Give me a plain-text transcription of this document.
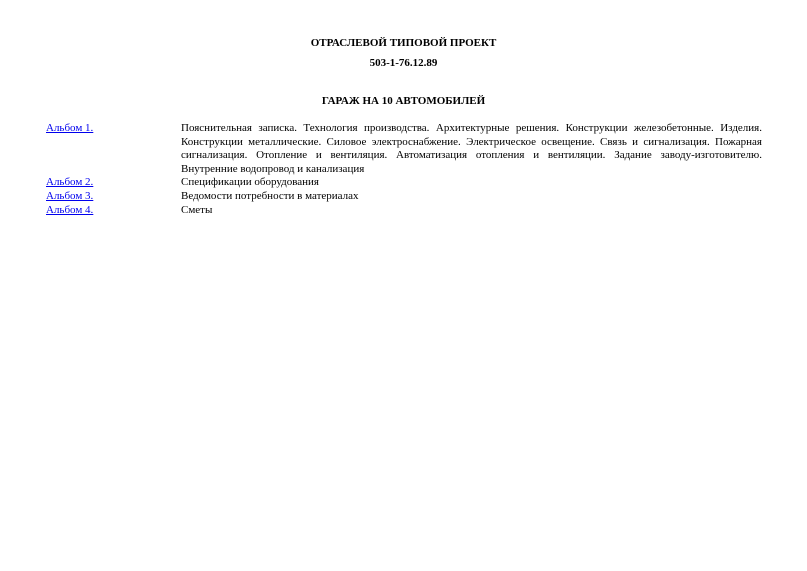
ОТРАСЛЕВОЙ ТИПОВОЙ ПРОЕКТ
503-1-76.12.89
ГАРАЖ НА 10 АВТОМОБИЛЕЙ
Альбом 1.	Пояснительная записка. Технология производства. Архитектурные решения. Конструкции железобетонные. Изделия. Конструкции металлические. Силовое электроснабжение. Электрическое освещение. Связь и сигнализация. Пожарная сигнализация. Отопление и вентиляция. Автоматизация отопления и вентиляции. Задание заводу-изготовителю. Внутренние водопровод и канализация
Альбом 2.	Спецификации оборудования
Альбом 3.	Ведомости потребности в материалах
Альбом 4.	Сметы
